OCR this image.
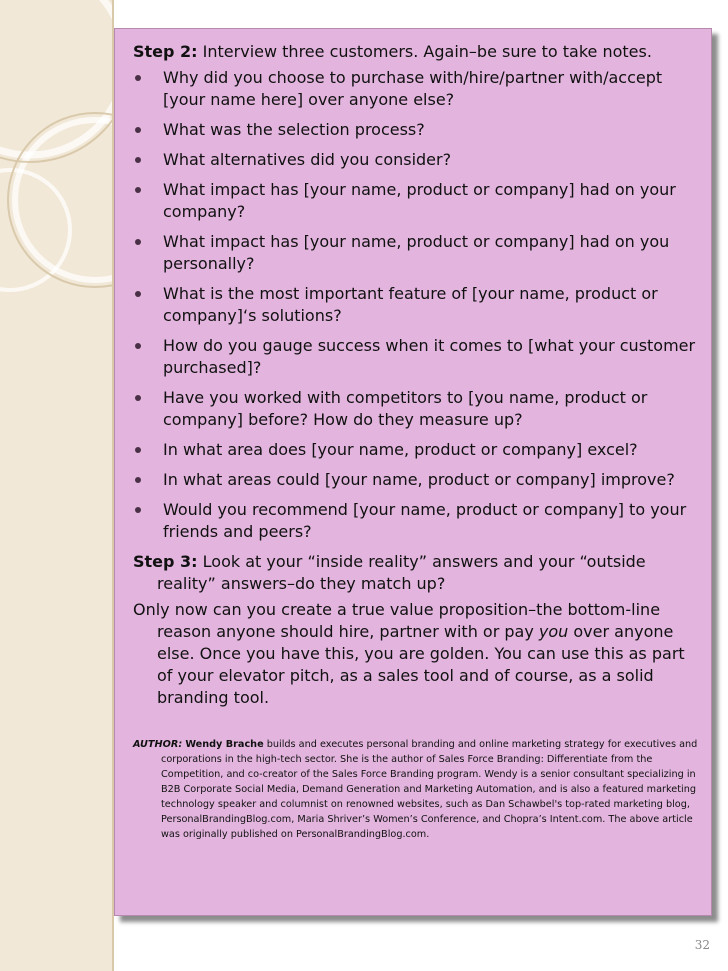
Step 2: Interview three customers. Again–be sure to take notes.

Why did you choose to purchase with/hire/partner with/accept [your name here] over anyone else?
What was the selection process?
What alternatives did you consider?
What impact has [your name, product or company] had on your company?
What impact has [your name, product or company] had on you personally?
What is the most important feature of [your name, product or company]‘s solutions?
How do you gauge success when it comes to [what your customer purchased]?
Have you worked with competitors to [you name, product or company] before? How do they measure up?
In what area does [your name, product or company] excel?
In what areas could [your name, product or company] improve?
Would you recommend [your name, product or company] to your friends and peers?

Step 3: Look at your “inside reality” answers and your “outside reality” answers–do they match up?

Only now can you create a true value proposition–the bottom-line reason anyone should hire, partner with or pay you over anyone else. Once you have this, you are golden. You can use this as part of your elevator pitch, as a sales tool and of course, as a solid branding tool.

AUTHOR: Wendy Brache builds and executes personal branding and online marketing strategy for executives and corporations in the high-tech sector. She is the author of Sales Force Branding: Differentiate from the Competition, and co-creator of the Sales Force Branding program. Wendy is a senior consultant specializing in B2B Corporate Social Media, Demand Generation and Marketing Automation, and is also a featured marketing technology speaker and columnist on renowned websites, such as Dan Schawbel's top-rated marketing blog, PersonalBrandingBlog.com, Maria Shriver’s Women’s Conference, and Chopra’s Intent.com. The above article was originally published on PersonalBrandingBlog.com.

32
